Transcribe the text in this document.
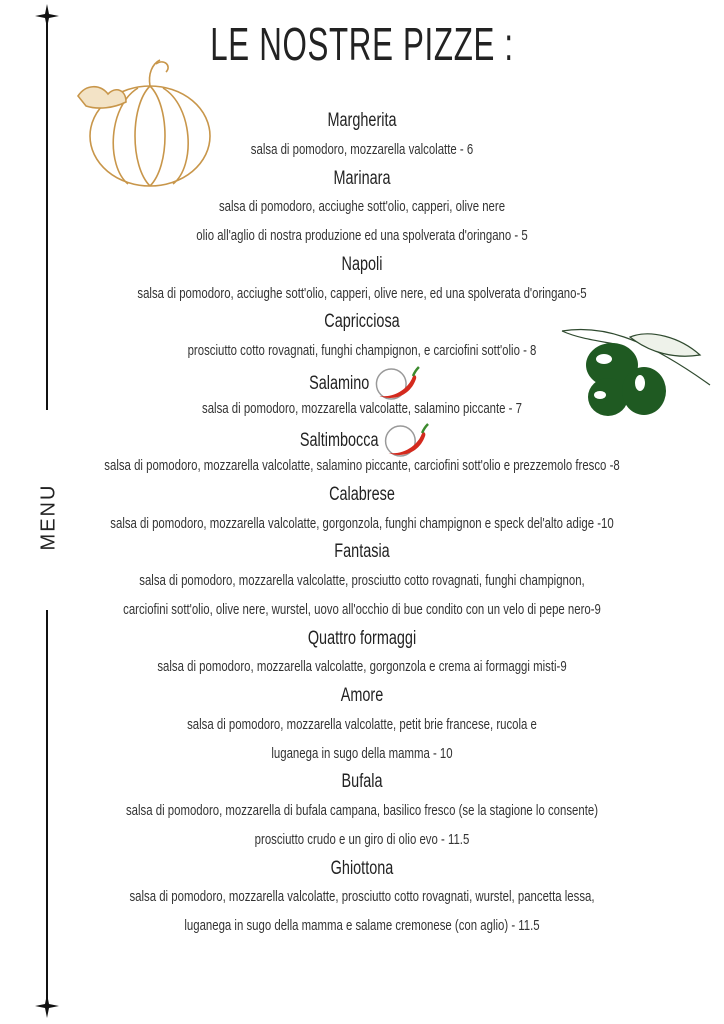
MENU
LE NOSTRE PIZZE :
Margherita
salsa di pomodoro, mozzarella valcolatte - 6
Marinara
salsa di pomodoro, acciughe sott'olio, capperi, olive nere
olio all'aglio di nostra produzione ed una spolverata d'oringano - 5
Napoli
salsa di pomodoro, acciughe sott'olio, capperi, olive nere, ed una spolverata d'oringano-5
Capricciosa
prosciutto cotto rovagnati, funghi champignon, e carciofini sott'olio - 8
Salamino
salsa di pomodoro, mozzarella valcolatte, salamino piccante - 7
Saltimbocca
salsa di pomodoro, mozzarella valcolatte, salamino piccante, carciofini sott'olio e prezzemolo fresco -8
Calabrese
salsa di pomodoro, mozzarella valcolatte, gorgonzola, funghi champignon e speck del'alto adige -10
Fantasia
salsa di pomodoro, mozzarella valcolatte, prosciutto cotto rovagnati, funghi champignon,
carciofini sott'olio, olive nere, wurstel, uovo all'occhio di bue condito con un velo di pepe nero-9
Quattro formaggi
salsa di pomodoro, mozzarella valcolatte, gorgonzola e crema ai formaggi misti-9
Amore
salsa di pomodoro, mozzarella valcolatte, petit brie francese, rucola e
luganega in sugo della mamma - 10
Bufala
salsa di pomodoro, mozzarella di bufala campana, basilico fresco (se la stagione lo consente)
prosciutto crudo e un giro di olio evo - 11.5
Ghiottona
salsa di pomodoro, mozzarella valcolatte, prosciutto cotto rovagnati, wurstel, pancetta lessa,
luganega in sugo della mamma e salame cremonese (con aglio) - 11.5
